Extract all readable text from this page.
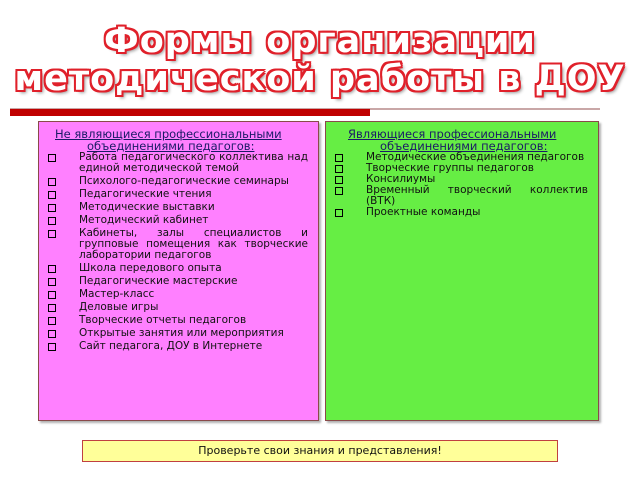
Формы организации
методической работы в ДОУ
Не являющиеся профессиональными
объединениями педагогов:
Работа педагогического коллектива над единой методической темой
Психолого-педагогические семинары
Педагогические чтения
Методические выставки
Методический кабинет
Кабинеты, залы специалистов и групповые помещения как творческие лаборатории педагогов
Школа передового опыта
Педагогические мастерские
Мастер-класс
Деловые игры
Творческие отчеты педагогов
Открытые занятия или мероприятия
Сайт педагога, ДОУ в Интернете
Являющиеся профессиональными
объединениями педагогов:
Методические объединения педагогов
Творческие группы педагогов
Консилиумы
Временный творческий коллектив (ВТК)
Проектные команды
Проверьте свои знания и представления!
